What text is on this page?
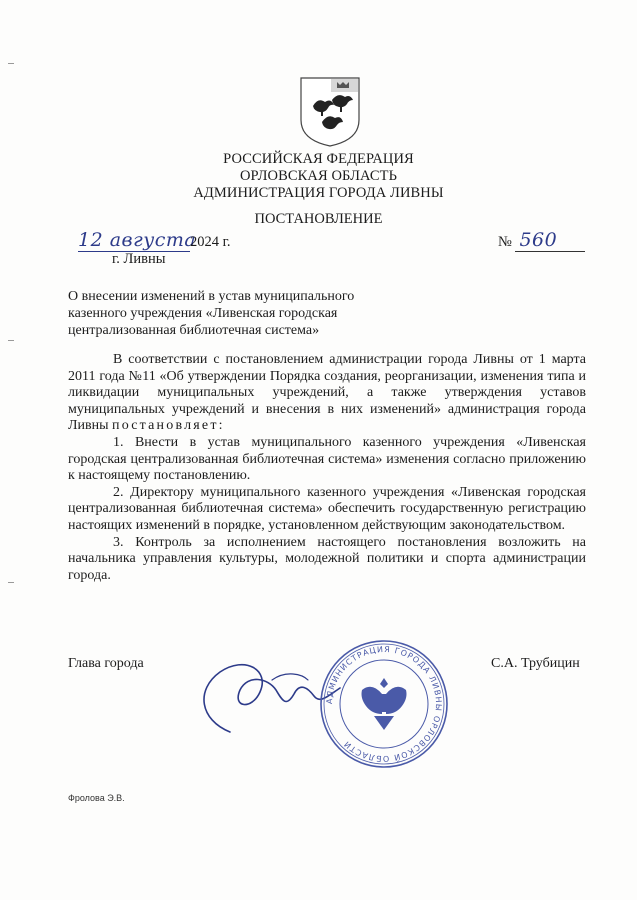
РОССИЙСКАЯ ФЕДЕРАЦИЯ
ОРЛОВСКАЯ ОБЛАСТЬ
АДМИНИСТРАЦИЯ ГОРОДА ЛИВНЫ
ПОСТАНОВЛЕНИЕ
12 августа2024 г.
г. Ливны
№ 560
О внесении изменений в устав муниципального
казенного учреждения «Ливенская городская
централизованная библиотечная система»

В соответствии с постановлением администрации города Ливны от 1 марта 2011 года №11 «Об утверждении Порядка создания, реорганизации, изменения типа и ликвидации муниципальных учреждений, а также утверждения уставов муниципальных учреждений и внесения в них изменений» администрация города Ливны постановляет:

1. Внести в устав муниципального казенного учреждения «Ливенская городская централизованная библиотечная система» изменения согласно приложению к настоящему постановлению.

2. Директору муниципального казенного учреждения «Ливенская городская централизованная библиотечная система» обеспечить государственную регистрацию настоящих изменений в порядке, установленном действующим законодательством.

3. Контроль за исполнением настоящего постановления возложить на начальника управления культуры, молодежной политики и спорта администрации города.

Глава города	С.А. Трубицин
АДМИНИСТРАЦИЯ ГОРОДА ЛИВНЫ ОРЛОВСКОЙ ОБЛАСТИ
Фролова Э.В.
